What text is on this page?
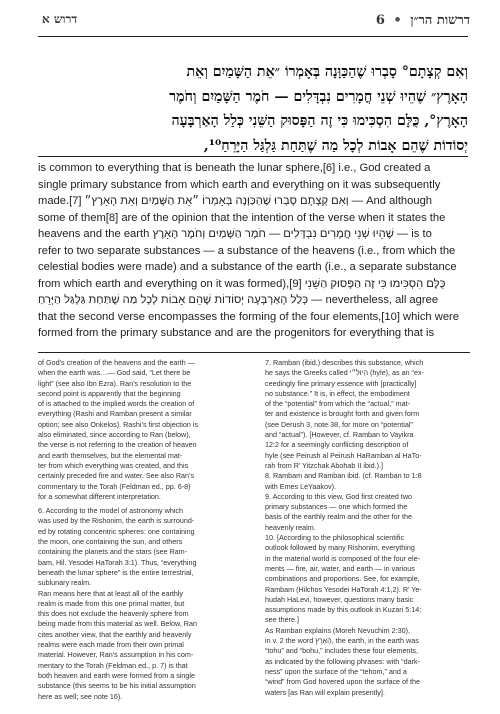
דרשות הר״ן • 6
דרוש א
וְאִם קְצָתָם° סָבְרוּ שֶׁהַכַּוָּנָה בְּאָמְרוֹ ״אֵת הַשָּׁמַיִם וְאֵת
הָאָרֶץ״ שֶׁהֵיוּ שְׁנֵי חֳמָרִים נִבְדָּלִים — חֹמֶר הַשָּׁמַיִם וְחֹמֶר
הָאָרֶץ°, כֻּלָּם הִסְכִּימוּ כִּי זֶה הַפָּסוּק הַשֵּׁנִי כְּלַל הָאַרְבָּעָה
יְסוֹדוֹת שֶׁהֵם אָבוֹת לְכָל מַה שֶׁתַּחַת גַּלְגַּל הַיָּרֵחַ¹⁰,
is common to everything that is beneath the lunar sphere,[6] i.e., God created a
single primary substance from which earth and everything on it was subsequently
made.[7] וְאִם קְצָתָם סָבְרוּ שֶׁהַכַּוָּנָה בְּאָמְרוֹ ״אֵת הַשָּׁמַיִם וְאֵת הָאָרֶץ״ — And although
some of them[8] are of the opinion that the intention of the verse when it states the
heavens and the earth שֶׁהֵיוּ שְׁנֵי חֳמָרִים נִבְדָּלִים — חֹמֶר הַשָּׁמַיִם וְחֹמֶר הָאָרֶץ — is to
refer to two separate substances — a substance of the heavens (i.e., from which the
celestial bodies were made) and a substance of the earth (i.e., a separate substance
from which earth and everything on it was formed),[9] כֻּלָּם הִסְכִּימוּ כִּי זֶה הַפָּסוּק הַשֵּׁנִי
כְּלַל הָאַרְבָּעָה יְסוֹדוֹת שֶׁהֵם אָבוֹת לְכָל מַה שֶׁתַּחַת גַּלְגַּל הַיָּרֵחַ — nevertheless, all agree
that the second verse encompasses the forming of the four elements,[10] which were
formed from the primary substance and are the progenitors for everything that is
of God’s creation of the heavens and the earth —
when the earth was…— God said, “Let there be
light” (see also Ibn Ezra). Ran’s resolution to the
second point is apparently that the beginning
of is attached to the implied words the creation of
everything (Rashi and Ramban present a similar
option; see also Onkelos). Rashi’s first objection is
also eliminated, since according to Ran (below),
the verse is not referring to the creation of heaven
and earth themselves, but the elemental mat-
ter from which everything was created, and this
certainly preceded fire and water. See also Ran’s
commentary to the Torah (Feldman ed., pp. 6-8)
for a somewhat different interpretation.
6. According to the model of astronomy which
was used by the Rishonim, the earth is surround-
ed by rotating concentric spheres: one containing
the moon, one containing the sun, and others
containing the planets and the stars (see Ram-
bam, Hil. Yesodei HaTorah 3:1). Thus, “everything
beneath the lunar sphere” is the entire terrestrial,
sublunary realm.
Ran means here that at least all of the earthly
realm is made from this one primal matter, but
this does not exclude the heavenly sphere from
being made from this material as well. Below, Ran
cites another view, that the earthly and heavenly
realms were each made from their own primal
material. However, Ran’s assumption in his com-
mentary to the Torah (Feldman ed., p. 7) is that
both heaven and earth were formed from a single
substance (this seems to be his initial assumption
here as well; see note 16).
7. Ramban (ibid.) describes this substance, which
he says the Greeks called הִיוּלִ״י (hyle), as an “ex-
ceedingly fine primary essence with [practically]
no substance.” It is, in effect, the embodiment
of the “potential” from which the “actual,” mat-
ter and existence is brought forth and given form
(see Derush 3, note 38, for more on “potential”
and “actual”). [However, cf. Ramban to Vayikra
12:2 for a seemingly conflicting description of
hyle (see Peirush al Peirush HaRamban al HaTo-
rah from R’ Yitzchak Abohab II ibid.).]
8. Rambam and Ramban ibid. (cf. Ramban to 1:8
with Emes LeYaakov).
9. According to this view, God first created two
primary substances — one which formed the
basis of the earthly realm and the other for the
heavenly realm.
10. [According to the philosophical scientific
outlook followed by many Rishonim, everything
in the material world is composed of the four ele-
ments — fire, air, water, and earth — in various
combinations and proportions. See, for example,
Rambam (Hilchos Yesodei HaTorah 4:1,2). R’ Ye-
hudah HaLevi, however, questions many basic
assumptions made by this outlook in Kuzari 5:14;
see there.]
As Ramban explains (Moreh Nevuchim 2:30),
in v. 2 the word הָאָרֶץ, the earth, in the earth was
“tohu” and “bohu,” includes these four elements,
as indicated by the following phrases: with “dark-
ness” upon the surface of the “tehom,” and a
“wind” from God hovered upon the surface of the
waters [as Ran will explain presently].
